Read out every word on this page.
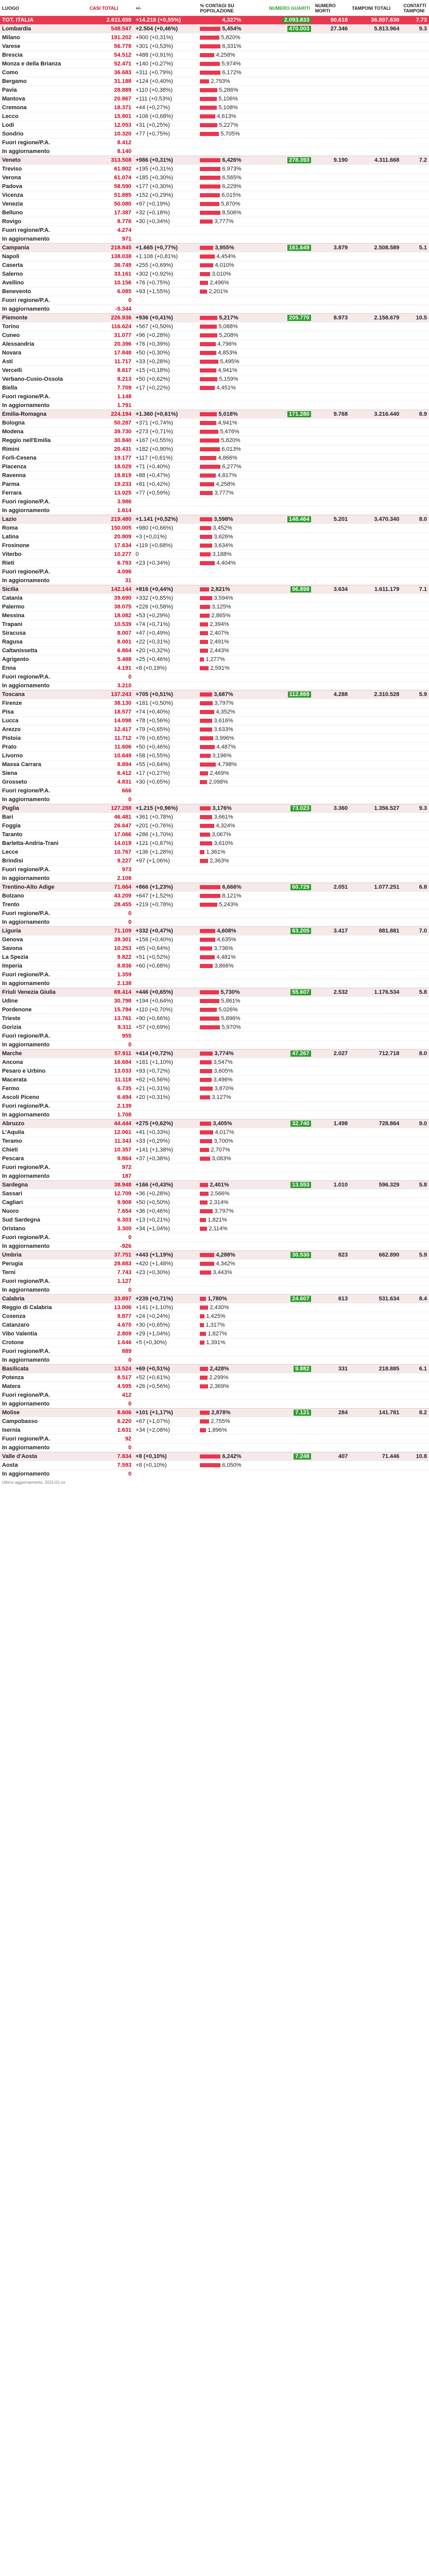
LUOGO	CASI TOTALI	+/-	% CONTAGI SU POPOLAZIONE	NUMERO GUARITI	NUMERO MORTI	TAMPONI TOTALI	CONTATTI TAMPONI
TOT. ITALIA	2.611.659	+14.218 (+0,55%)	4,327%	2.093.833	90.618	36.897.630	7.73
Lombardia	548.547	+2.504 (+0,46%)	5,454%	470.003	27.346	5.813.964	9.3
Milano	191.202	+900 (+0,31%)	5,820%				
Varese	56.778	+301 (+0,53%)	6,331%				
Brescia	54.512	+488 (+0,91%)	4,258%				
Monza e della Brianza	52.471	+140 (+0,27%)	5,974%				
Como	36.683	+311 (+0,79%)	6,172%				
Bergamo	31.188	+124 (+0,40%)	2,793%				
Pavia	28.889	+110 (+0,38%)	5,286%				
Mantova	20.867	+111 (+0,53%)	5,106%				
Cremona	18.371	+44 (+0,27%)	5,108%				
Lecco	15.801	+106 (+0,68%)	4,613%				
Lodi	12.053	+31 (+0,25%)	5,227%				
Sondrio	10.320	+77 (+0,75%)	5,705%				
Fuori regione/P.A.	8.412						
In aggiornamento	8.140						
Veneto	313.508	+986 (+0,31%)	6,426%	278.393	9.190	4.311.668	7.2
Treviso	61.802	+195 (+0,31%)	6,973%				
Verona	61.074	+185 (+0,30%)	6,565%				
Padova	58.590	+177 (+0,30%)	6,229%				
Vicenza	51.885	+152 (+0,29%)	6,015%				
Venezia	50.080	+97 (+0,19%)	5,870%				
Belluno	17.387	+32 (+0,18%)	8,506%				
Rovigo	8.776	+30 (+0,34%)	3,777%				
Fuori regione/P.A.	4.274						
In aggiornamento	971						
Campania	218.845	+1.665 (+0,77%)	3,955%	161.649	3.879	2.508.589	5.1
Napoli	138.038	+1.108 (+0,81%)	4,454%				
Caserta	36.749	+255 (+0,69%)	4,010%				
Salerno	33.161	+302 (+0,92%)	3,010%				
Avellino	10.156	+76 (+0,75%)	2,496%				
Benevento	6.085	+93 (+1,55%)	2,201%				
Fuori regione/P.A.	0						
In aggiornamento	-5.344						
Piemonte	226.936	+936 (+0,41%)	5,217%	205.770	8.973	2.158.679	10.5
Torino	116.624	+567 (+0,50%)	5,088%				
Cuneo	31.077	+96 (+0,28%)	5,208%				
Alessandria	20.396	+76 (+0,39%)	4,796%				
Novara	17.848	+50 (+0,30%)	4,853%				
Asti	11.717	+33 (+0,28%)	5,495%				
Vercelli	8.617	+15 (+0,18%)	4,941%				
Verbano-Cusio-Ossola	8.213	+50 (+0,62%)	5,159%				
Biella	7.709	+17 (+0,22%)	4,451%				
Fuori regione/P.A.	1.148						
In aggiornamento	1.791						
Emilia-Romagna	224.194	+1.360 (+0,61%)	5,018%	171.280	9.768	3.216.440	8.9
Bologna	50.287	+371 (+0,74%)	4,941%				
Modena	39.730	+273 (+0,71%)	5,476%				
Reggio nell'Emilia	30.840	+167 (+0,55%)	5,820%				
Rimini	20.431	+182 (+0,90%)	6,013%				
Forlì-Cesena	19.177	+117 (+0,61%)	4,866%				
Piacenza	18.029	+71 (+0,40%)	6,277%				
Ravenna	18.819	+88 (+0,47%)	4,817%				
Parma	19.233	+81 (+0,42%)	4,258%				
Ferrara	13.025	+77 (+0,59%)	3,777%				
Fuori regione/P.A.	3.986						
In aggiornamento	1.614						
Lazio	219.480	+1.141 (+0,52%)	3,598%	148.464	5.201	3.470.340	8.0
Roma	150.005	+980 (+0,66%)	3,452%				
Latina	20.809	+3 (+0,01%)	3,626%				
Frosinone	17.634	+119 (+0,68%)	3,634%				
Viterbo	10.277	0	3,188%				
Rieti	6.793	+23 (+0,34%)	4,404%				
Fuori regione/P.A.	4.096						
In aggiornamento	31						
Sicilia	142.144	+816 (+0,44%)	2,821%	96.898	3.634	1.611.179	7.1
Catania	39.690	+332 (+0,85%)	3,594%				
Palermo	38.075	+226 (+0,58%)	3,125%				
Messina	18.082	+53 (+0,29%)	2,865%				
Trapani	10.539	+74 (+0,71%)	2,394%				
Siracusa	8.007	+47 (+0,49%)	2,407%				
Ragusa	8.001	+22 (+0,31%)	2,491%				
Caltanissetta	6.864	+20 (+0,32%)	2,443%				
Agrigento	5.488	+25 (+0,46%)	1,277%				
Enna	4.191	+8 (+0,19%)	2,591%				
Fuori regione/P.A.	0						
In aggiornamento	3.210						
Toscana	137.243	+705 (+0,51%)	3,687%	112.869	4.288	2.310.528	5.9
Firenze	38.130	+181 (+0,50%)	3,797%				
Pisa	18.577	+74 (+0,40%)	4,352%				
Lucca	14.098	+78 (+0,56%)	3,616%				
Arezzo	12.417	+79 (+0,65%)	3,633%				
Pistoia	11.712	+76 (+0,65%)	3,996%				
Prato	11.606	+50 (+0,46%)	4,487%				
Livorno	10.649	+58 (+0,55%)	3,196%				
Massa Carrara	8.894	+55 (+0,64%)	4,798%				
Siena	6.412	+17 (+0,27%)	2,469%				
Grosseto	4.831	+30 (+0,65%)	2,098%				
Fuori regione/P.A.	666						
In aggiornamento	0						
Puglia	127.288	+1.215 (+0,96%)	3,176%	73.023	3.360	1.356.527	9.3
Bari	46.481	+361 (+0,78%)	3,661%				
Foggia	26.647	+201 (+0,76%)	4,324%				
Taranto	17.066	+286 (+1,70%)	3,067%				
Barletta-Andria-Trani	14.019	+121 (+0,87%)	3,610%				
Lecce	10.767	+136 (+1,28%)	1,361%				
Brindisi	9.227	+97 (+1,06%)	2,363%				
Fuori regione/P.A.	973						
In aggiornamento	2.108						
Trentino-Alto Adige	71.664	+866 (+1,23%)	6,666%	60.729	2.051	1.077.251	6.8
Bolzano	43.209	+647 (+1,52%)	8,121%				
Trento	28.455	+219 (+0,78%)	5,243%				
Fuori regione/P.A.	0						
In aggiornamento	0						
Liguria	71.109	+332 (+0,47%)	4,608%	63.205	3.417	881.881	7.0
Genova	39.301	+156 (+0,40%)	4,635%				
Savona	10.253	+65 (+0,64%)	3,736%				
La Spezia	9.822	+51 (+0,52%)	4,481%				
Imperia	8.836	+60 (+0,68%)	3,866%				
Fuori regione/P.A.	1.359						
In aggiornamento	2.138						
Friuli Venezia Giulia	69.414	+446 (+0,65%)	5,730%	55.607	2.532	1.176.534	5.8
Udine	30.798	+194 (+0,64%)	5,861%				
Pordenone	15.794	+110 (+0,70%)	5,026%				
Trieste	13.761	+90 (+0,66%)	5,896%				
Gorizia	8.311	+57 (+0,69%)	5,970%				
Fuori regione/P.A.	955						
In aggiornamento	0						
Marche	57.911	+414 (+0,72%)	3,774%	47.267	2.027	712.718	8.0
Ancona	16.684	+181 (+1,10%)	3,547%				
Pesaro e Urbino	13.033	+93 (+0,72%)	3,605%				
Macerata	11.118	+62 (+0,56%)	3,496%				
Fermo	6.735	+21 (+0,31%)	3,870%				
Ascoli Piceno	6.494	+20 (+0,31%)	3,127%				
Fuori regione/P.A.	2.139						
In aggiornamento	1.708						
Abruzzo	44.444	+275 (+0,62%)	3,405%	32.740	1.498	728.864	9.0
L'Aquila	12.061	+41 (+0,33%)	4,017%				
Teramo	11.343	+33 (+0,29%)	3,700%				
Chieti	10.357	+141 (+1,38%)	2,707%				
Pescara	9.864	+37 (+0,38%)	3,083%				
Fuori regione/P.A.	972						
In aggiornamento	187						
Sardegna	38.948	+166 (+0,43%)	2,401%	13.553	1.010	596.329	5.8
Sassari	12.709	+36 (+0,28%)	2,566%				
Cagliari	9.908	+50 (+0,50%)	2,314%				
Nuoro	7.654	+36 (+0,46%)	3,797%				
Sud Sardegna	6.303	+13 (+0,21%)	1,821%				
Oristano	3.300	+34 (+1,04%)	2,114%				
Fuori regione/P.A.	0						
In aggiornamento	-926						
Umbria	37.751	+443 (+1,19%)	4,288%	30.530	823	662.890	5.9
Perugia	28.883	+420 (+1,48%)	4,342%				
Terni	7.743	+23 (+0,30%)	3,443%				
Fuori regione/P.A.	1.127						
In aggiornamento	0						
Calabria	33.897	+239 (+0,71%)	1,780%	24.607	613	531.634	8.4
Reggio di Calabria	13.006	+141 (+1,10%)	2,430%				
Cosenza	9.877	+24 (+0,24%)	1,425%				
Catanzaro	4.670	+30 (+0,65%)	1,317%				
Vibo Valentia	2.809	+29 (+1,04%)	1,827%				
Crotone	1.646	+5 (+0,30%)	1,391%				
Fuori regione/P.A.	889						
In aggiornamento	0						
Basilicata	13.524	+69 (+0,51%)	2,428%	9.882	331	218.885	6.1
Potenza	8.517	+52 (+0,61%)	2,299%				
Matera	4.595	+26 (+0,56%)	2,369%				
Fuori regione/P.A.	412						
In aggiornamento	0						
Molise	8.606	+101 (+1,17%)	2,878%	7.121	284	141.781	8.2
Campobasso	6.220	+67 (+1,07%)	2,755%				
Isernia	1.631	+34 (+2,08%)	1,896%				
Fuori regione/P.A.	92						
In aggiornamento	0						
Valle d'Aosta	7.834	+8 (+0,10%)	6,242%	7.248	407	71.446	10.8
Aosta	7.593	+8 (+0,10%)	6,050%				
In aggiornamento	0						
Ultimo aggiornamento: 2021-01-xx
